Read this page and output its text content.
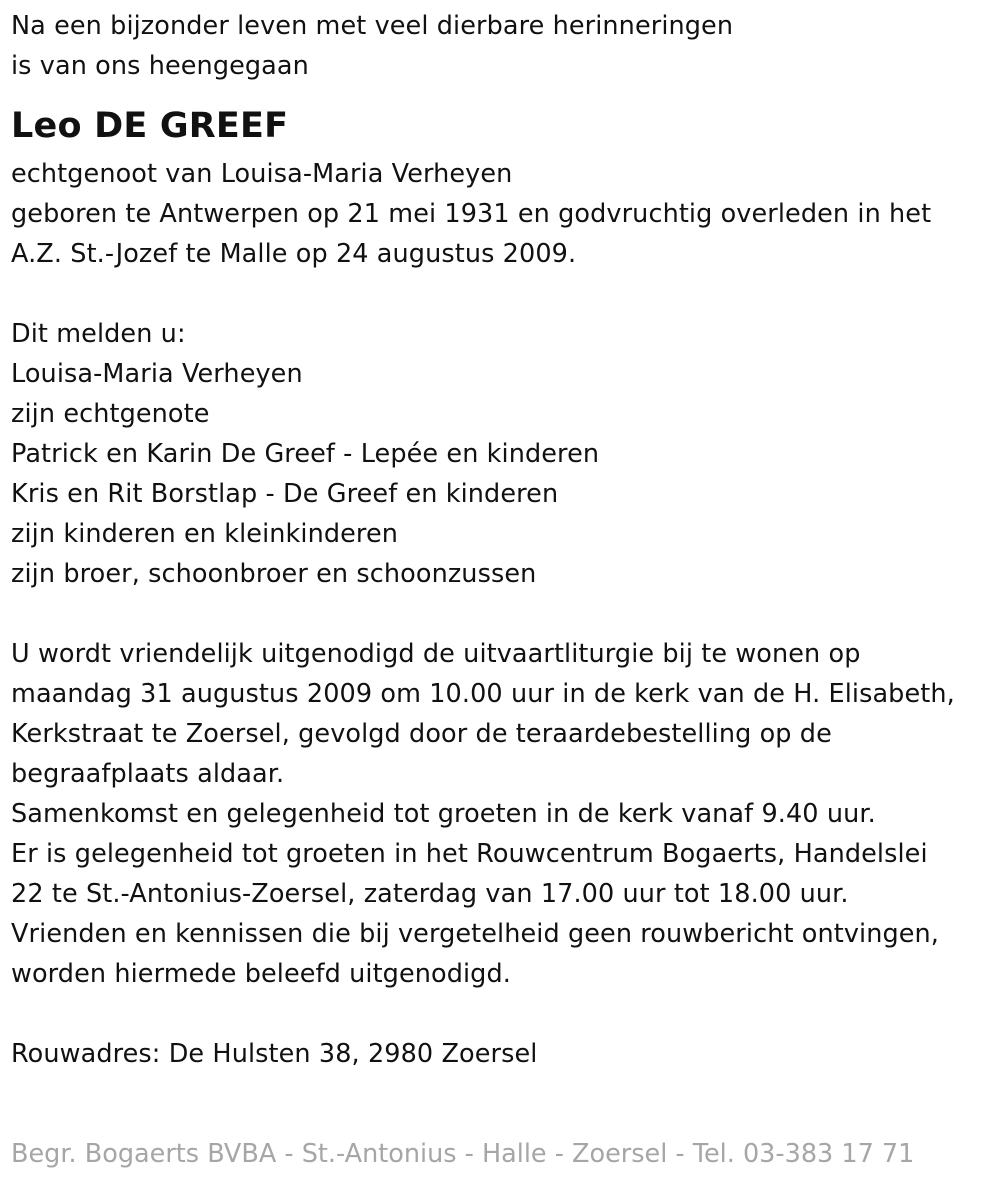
Na een bijzonder leven met veel dierbare herinneringen
is van ons heengegaan
Leo DE GREEF
echtgenoot van Louisa-Maria Verheyen
geboren te Antwerpen op 21 mei 1931 en godvruchtig overleden in het
A.Z. St.-Jozef te Malle op 24 augustus 2009.
Dit melden u:
Louisa-Maria Verheyen
zijn echtgenote
Patrick en Karin De Greef - Lepée en kinderen
Kris en Rit Borstlap - De Greef en kinderen
zijn kinderen en kleinkinderen
zijn broer, schoonbroer en schoonzussen
U wordt vriendelijk uitgenodigd de uitvaartliturgie bij te wonen op
maandag 31 augustus 2009 om 10.00 uur in de kerk van de H. Elisabeth,
Kerkstraat te Zoersel, gevolgd door de teraardebestelling op de
begraafplaats aldaar.
Samenkomst en gelegenheid tot groeten in de kerk vanaf 9.40 uur.
Er is gelegenheid tot groeten in het Rouwcentrum Bogaerts, Handelslei
22 te St.-Antonius-Zoersel, zaterdag van 17.00 uur tot 18.00 uur.
Vrienden en kennissen die bij vergetelheid geen rouwbericht ontvingen,
worden hiermede beleefd uitgenodigd.
Rouwadres: De Hulsten 38, 2980 Zoersel
Begr. Bogaerts BVBA - St.-Antonius - Halle - Zoersel - Tel. 03-383 17 71
